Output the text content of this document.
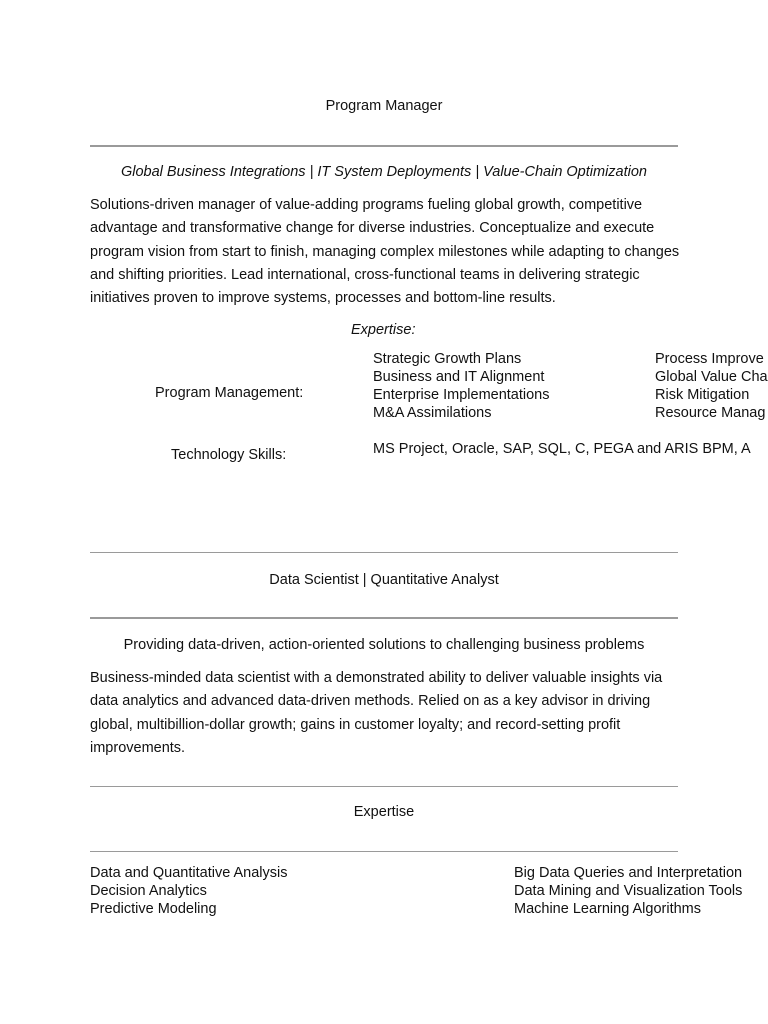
Program Manager
Global Business Integrations | IT System Deployments | Value-Chain Optimization
Solutions-driven manager of value-adding programs fueling global growth, competitive advantage and transformative change for diverse industries. Conceptualize and execute program vision from start to finish, managing complex milestones while adapting to changes and shifting priorities. Lead international, cross-functional teams in delivering strategic initiatives proven to improve systems, processes and bottom-line results.
Expertise:
Program Management:
Strategic Growth Plans
Business and IT Alignment
Enterprise Implementations
M&A Assimilations
Process Improve
Global Value Cha
Risk Mitigation
Resource Manag
Technology Skills:	MS Project, Oracle, SAP, SQL, C, PEGA and ARIS BPM, A
Data Scientist | Quantitative Analyst
Providing data-driven, action-oriented solutions to challenging business problems
Business-minded data scientist with a demonstrated ability to deliver valuable insights via data analytics and advanced data-driven methods. Relied on as a key advisor in driving global, multibillion-dollar growth; gains in customer loyalty; and record-setting profit improvements.
Expertise
Data and Quantitative Analysis
Decision Analytics
Predictive Modeling
Big Data Queries and Interpretation
Data Mining and Visualization Tools
Machine Learning Algorithms
